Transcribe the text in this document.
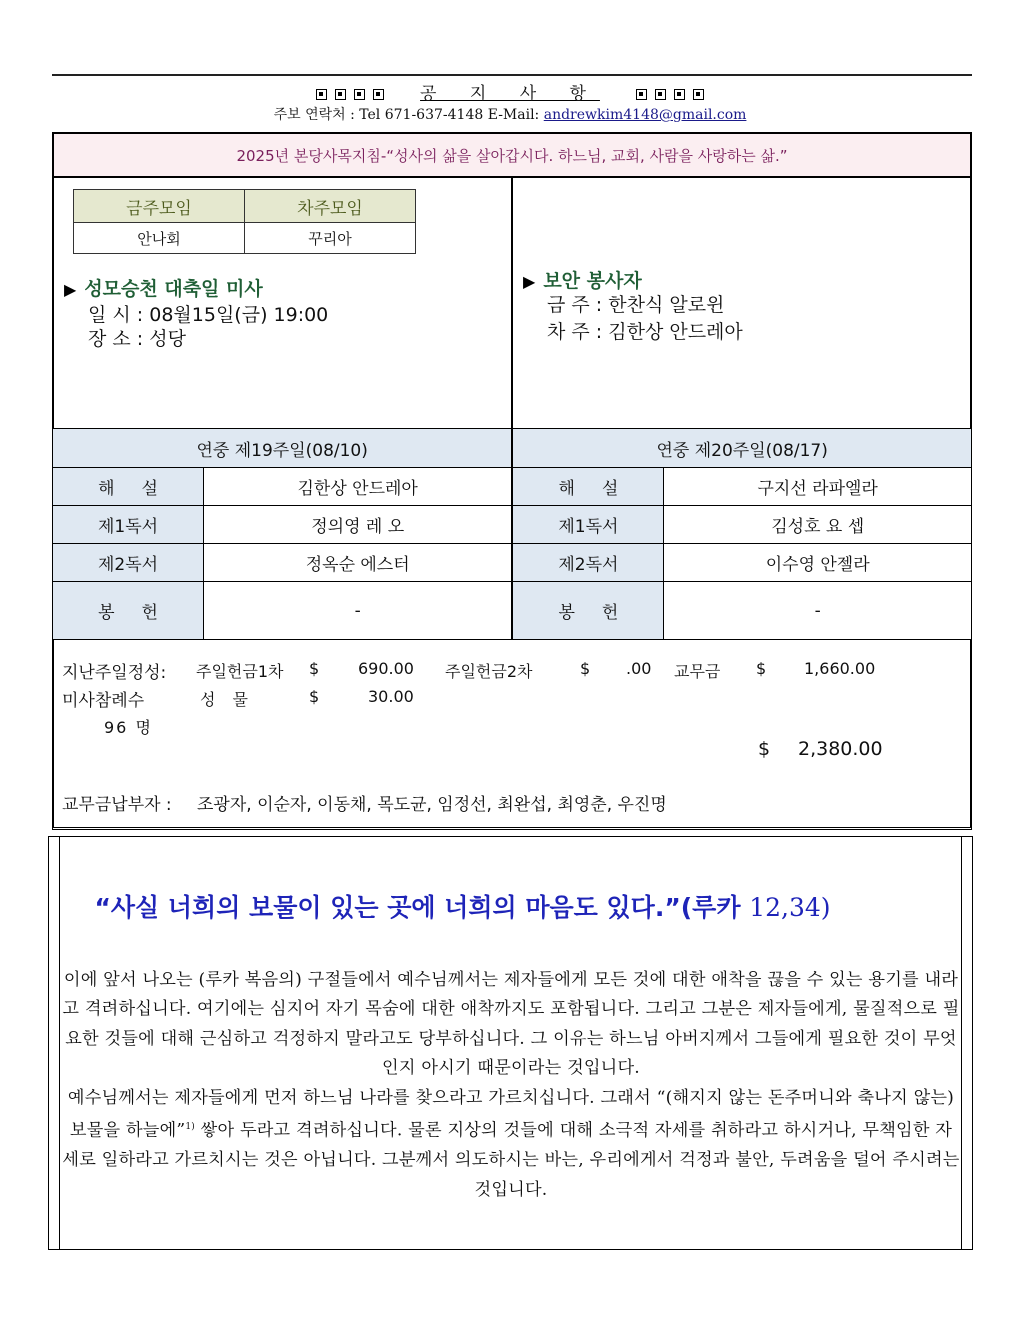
공 지 사 항
주보 연락처 : Tel 671-637-4148 E-Mail: andrewkim4148@gmail.com
2025년 본당사목지침-“성사의 삶을 살아갑시다. 하느님, 교회, 사람을 사랑하는 삶.”
금주모임	차주모임
안나회	꾸리아
▶ 성모승천 대축일 미사
일 시 : 08월15일(금) 19:00
장 소 : 성당
▶ 보안 봉사자
금 주 : 한찬식 알로윈
차 주 : 김한상 안드레아
연중 제19주일(08/10)		연중 제20주일(08/17)	
해     설	김한상 안드레아	해     설	구지선 라파엘라
제1독서	정의영 레 오	제1독서	김성호 요 셉
제2독서	정옥순 에스터	제2독서	이수영 안젤라
봉     헌	-	봉     헌	-
지난주일정성: 주일헌금1차 $ 690.00 주일헌금2차	$ .00 교무금 $ 1,660.00
미사참례수	성 물	$	30.00
96 명
$ 2,380.00
교무금납부자 : 조광자, 이순자, 이동채, 목도균, 임정선, 최완섭, 최영춘, 우진명
“사실 너희의 보물이 있는 곳에 너희의 마음도 있다.”(루카 12,34)

이에 앞서 나오는 (루카 복음의) 구절들에서 예수님께서는 제자들에게 모든 것에 대한 애착을 끊을 수 있는 용기를 내라고 격려하십니다. 여기에는 심지어 자기 목숨에 대한 애착까지도 포함됩니다. 그리고 그분은 제자들에게, 물질적으로 필요한 것들에 대해 근심하고 걱정하지 말라고도 당부하십니다. 그 이유는 하느님 아버지께서 그들에게 필요한 것이 무엇인지 아시기 때문이라는 것입니다.

예수님께서는 제자들에게 먼저 하느님 나라를 찾으라고 가르치십니다. 그래서 “(해지지 않는 돈주머니와 축나지 않는) 보물을 하늘에”$^{1)}$ 쌓아 두라고 격려하십니다. 물론 지상의 것들에 대해 소극적 자세를 취하라고 하시거나, 무책임한 자세로 일하라고 가르치시는 것은 아닙니다. 그분께서 의도하시는 바는, 우리에게서 걱정과 불안, 두려움을 덜어 주시려는 것입니다.
